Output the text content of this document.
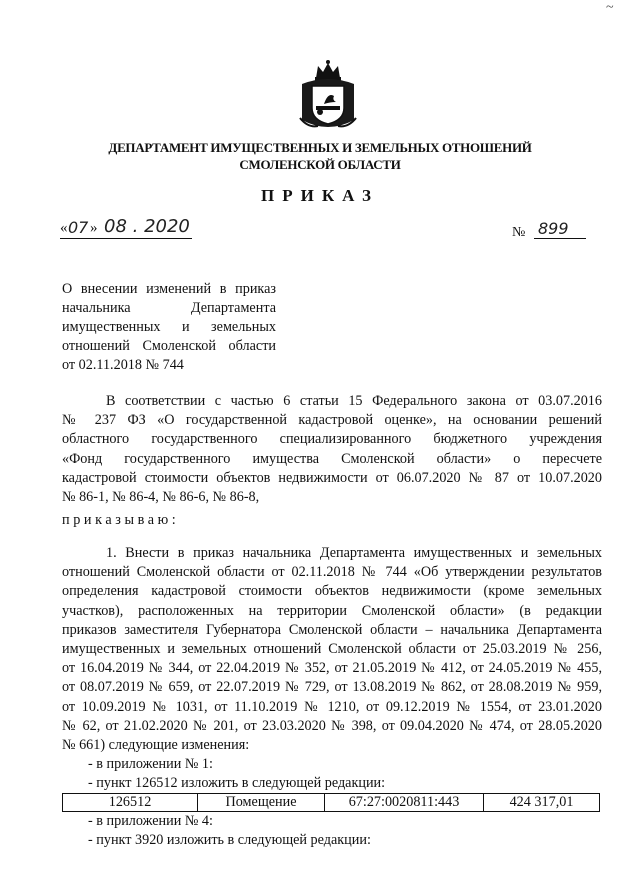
~
ДЕПАРТАМЕНТ ИМУЩЕСТВЕННЫХ И ЗЕМЕЛЬНЫХ ОТНОШЕНИЙ
СМОЛЕНСКОЙ ОБЛАСТИ
ПРИКАЗ
« 07 » 08 . 2020	№ 899
О внесении изменений в приказ
начальника Департамента
имущественных и земельных
отношений Смоленской области
от 02.11.2018 № 744
В соответствии с частью 6 статьи 15 Федерального закона от 03.07.2016
№ 237 ФЗ «О государственной кадастровой оценке», на основании решений
областного государственного специализированного бюджетного учреждения
«Фонд государственного имущества Смоленской области» о пересчете
кадастровой стоимости объектов недвижимости от 06.07.2020 № 87 от 10.07.2020
№ 86-1, № 86-4, № 86-6, № 86-8,
приказываю:
1. Внести в приказ начальника Департамента имущественных и земельных
отношений Смоленской области от 02.11.2018 № 744 «Об утверждении результатов
определения кадастровой стоимости объектов недвижимости (кроме земельных
участков), расположенных на территории Смоленской области» (в редакции
приказов заместителя Губернатора Смоленской области – начальника Департамента
имущественных и земельных отношений Смоленской области от 25.03.2019 № 256,
от 16.04.2019 № 344, от 22.04.2019 № 352, от 21.05.2019 № 412, от 24.05.2019 № 455,
от 08.07.2019 № 659, от 22.07.2019 № 729, от 13.08.2019 № 862, от 28.08.2019 № 959,
от 10.09.2019 № 1031, от 11.10.2019 № 1210, от 09.12.2019 № 1554, от 23.01.2020
№ 62, от 21.02.2020 № 201, от 23.03.2020 № 398, от 09.04.2020 № 474, от 28.05.2020
№ 661) следующие изменения:
- в приложении № 1:
- пункт 126512 изложить в следующей редакции:
126512	Помещение	67:27:0020811:443	424 317,01
- в приложении № 4:
- пункт 3920 изложить в следующей редакции:
